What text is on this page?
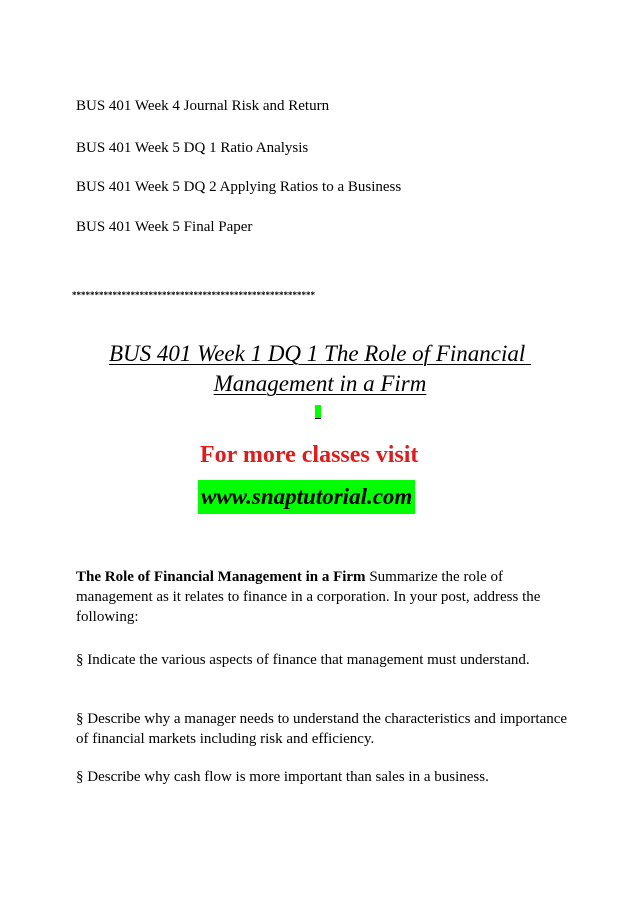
BUS 401 Week 4 Journal Risk and Return
BUS 401 Week 5 DQ 1 Ratio Analysis
BUS 401 Week 5 DQ 2 Applying Ratios to a Business
BUS 401 Week 5 Final Paper
******************************************************
BUS 401 Week 1 DQ 1 The Role of Financial
Management in a Firm
For more classes visit
www.snaptutorial.com
The Role of Financial Management in a Firm Summarize the role of management as it relates to finance in a corporation. In your post, address the following:
§ Indicate the various aspects of finance that management must understand.
§ Describe why a manager needs to understand the characteristics and importance of financial markets including risk and efficiency.
§ Describe why cash flow is more important than sales in a business.
